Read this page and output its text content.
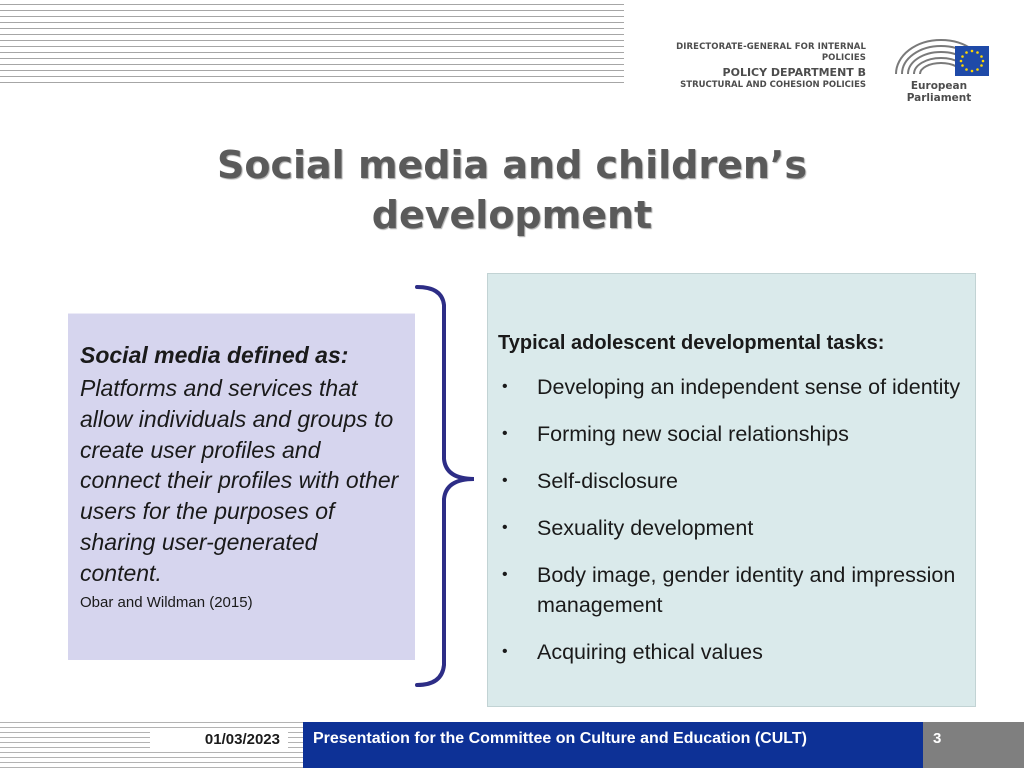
DIRECTORATE-GENERAL FOR INTERNAL POLICIES
POLICY DEPARTMENT B
STRUCTURAL AND COHESION POLICIES	European Parliament
Social media and children’s
development
Social media defined as:
Platforms and services that allow individuals and groups to create user profiles and connect their profiles with other users for the purposes of sharing user-generated content.
Obar and Wildman (2015)
Typical adolescent developmental tasks:
• Developing an independent sense of identity
• Forming new social relationships
• Self-disclosure
• Sexuality development
• Body image, gender identity and impression management
• Acquiring ethical values
01/03/2023	Presentation for the Committee on Culture and Education (CULT)	3
